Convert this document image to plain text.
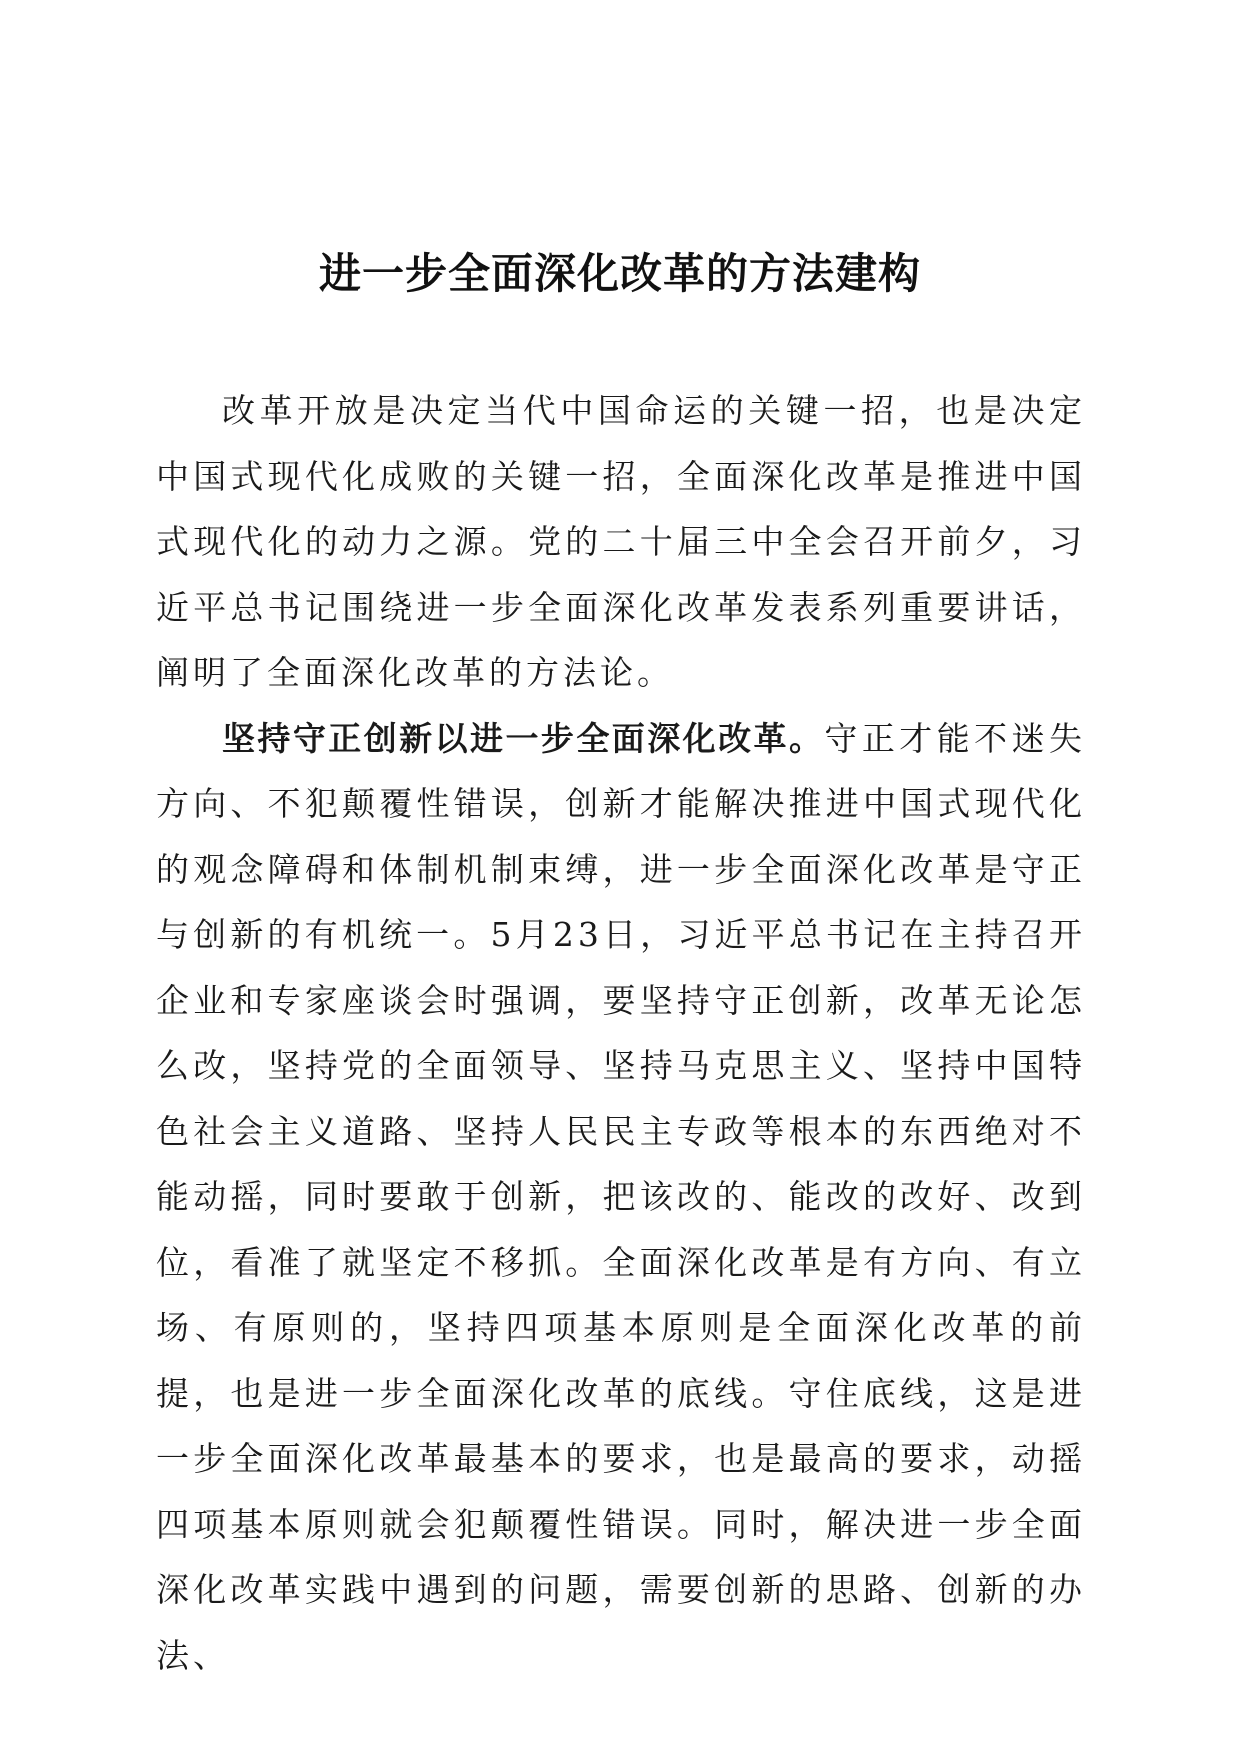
进一步全面深化改革的方法建构

改革开放是决定当代中国命运的关键一招，也是决定中国式现代化成败的关键一招，全面深化改革是推进中国式现代化的动力之源。党的二十届三中全会召开前夕，习近平总书记围绕进一步全面深化改革发表系列重要讲话，阐明了全面深化改革的方法论。

坚持守正创新以进一步全面深化改革。守正才能不迷失方向、不犯颠覆性错误，创新才能解决推进中国式现代化的观念障碍和体制机制束缚，进一步全面深化改革是守正与创新的有机统一。5月23日，习近平总书记在主持召开企业和专家座谈会时强调，要坚持守正创新，改革无论怎么改，坚持党的全面领导、坚持马克思主义、坚持中国特色社会主义道路、坚持人民民主专政等根本的东西绝对不能动摇，同时要敢于创新，把该改的、能改的改好、改到位，看准了就坚定不移抓。全面深化改革是有方向、有立场、有原则的，坚持四项基本原则是全面深化改革的前提，也是进一步全面深化改革的底线。守住底线，这是进一步全面深化改革最基本的要求，也是最高的要求，动摇四项基本原则就会犯颠覆性错误。同时，解决进一步全面深化改革实践中遇到的问题，需要创新的思路、创新的办法、
